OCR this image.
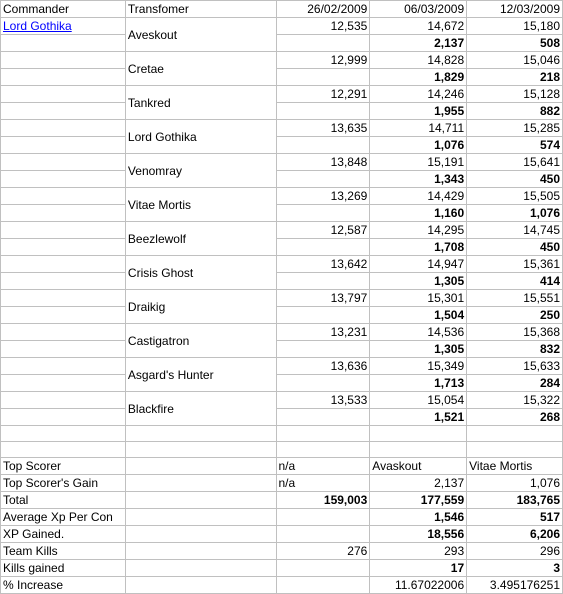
Commander	Transfomer	26/02/2009	06/03/2009	12/03/2009
Lord Gothika	Aveskout	12,535	14,672	15,180
			2,137	508
	Cretae	12,999	14,828	15,046
			1,829	218
	Tankred	12,291	14,246	15,128
			1,955	882
	Lord Gothika	13,635	14,711	15,285
			1,076	574
	Venomray	13,848	15,191	15,641
			1,343	450
	Vitae Mortis	13,269	14,429	15,505
			1,160	1,076
	Beezlewolf	12,587	14,295	14,745
			1,708	450
	Crisis Ghost	13,642	14,947	15,361
			1,305	414
	Draikig	13,797	15,301	15,551
			1,504	250
	Castigatron	13,231	14,536	15,368
			1,305	832
	Asgard's Hunter	13,636	15,349	15,633
			1,713	284
	Blackfire	13,533	15,054	15,322
			1,521	268

Top Scorer		n/a	Avaskout	Vitae Mortis
Top Scorer's Gain		n/a	2,137	1,076
Total		159,003	177,559	183,765
Average Xp Per Con			1,546	517
XP Gained.			18,556	6,206
Team Kills		276	293	296
Kills gained			17	3
% Increase			11.67022006	3.495176251
